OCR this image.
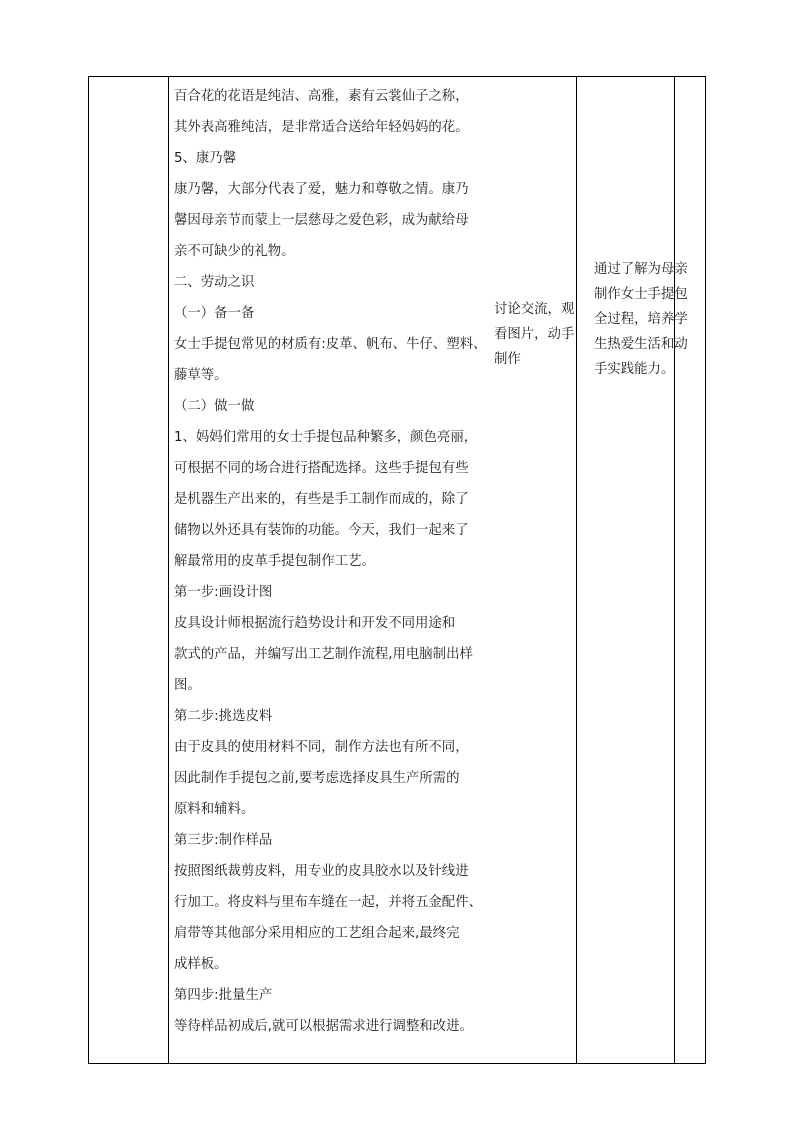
百合花的花语是纯洁、高雅，素有云裳仙子之称，
其外表高雅纯洁，是非常适合送给年轻妈妈的花。
5、康乃馨
康乃馨，大部分代表了爱，魅力和尊敬之情。康乃
馨因母亲节而蒙上一层慈母之爱色彩，成为献给母
亲不可缺少的礼物。
二、劳动之识
（一）备一备
女士手提包常见的材质有:皮革、帆布、牛仔、塑料、
藤草等。
（二）做一做
1、妈妈们常用的女士手提包品种繁多，颜色亮丽，
可根据不同的场合进行搭配选择。这些手提包有些
是机器生产出来的，有些是手工制作而成的，除了
储物以外还具有装饰的功能。今天，我们一起来了
解最常用的皮革手提包制作工艺。
第一步:画设计图
皮具设计师根据流行趋势设计和开发不同用途和
款式的产品，并编写出工艺制作流程,用电脑制出样
图。
第二步:挑选皮料
由于皮具的使用材料不同，制作方法也有所不同，
因此制作手提包之前,要考虑选择皮具生产所需的
原料和辅料。
第三步:制作样品
按照图纸裁剪皮料，用专业的皮具胶水以及针线进
行加工。将皮料与里布车缝在一起，并将五金配件、
肩带等其他部分采用相应的工艺组合起来,最终完
成样板。
第四步:批量生产
等待样品初成后,就可以根据需求进行调整和改进。
讨论交流，观
看图片，动手
制作
通过了解为母亲
制作女士手提包
全过程，培养学
生热爱生活和动
手实践能力。
